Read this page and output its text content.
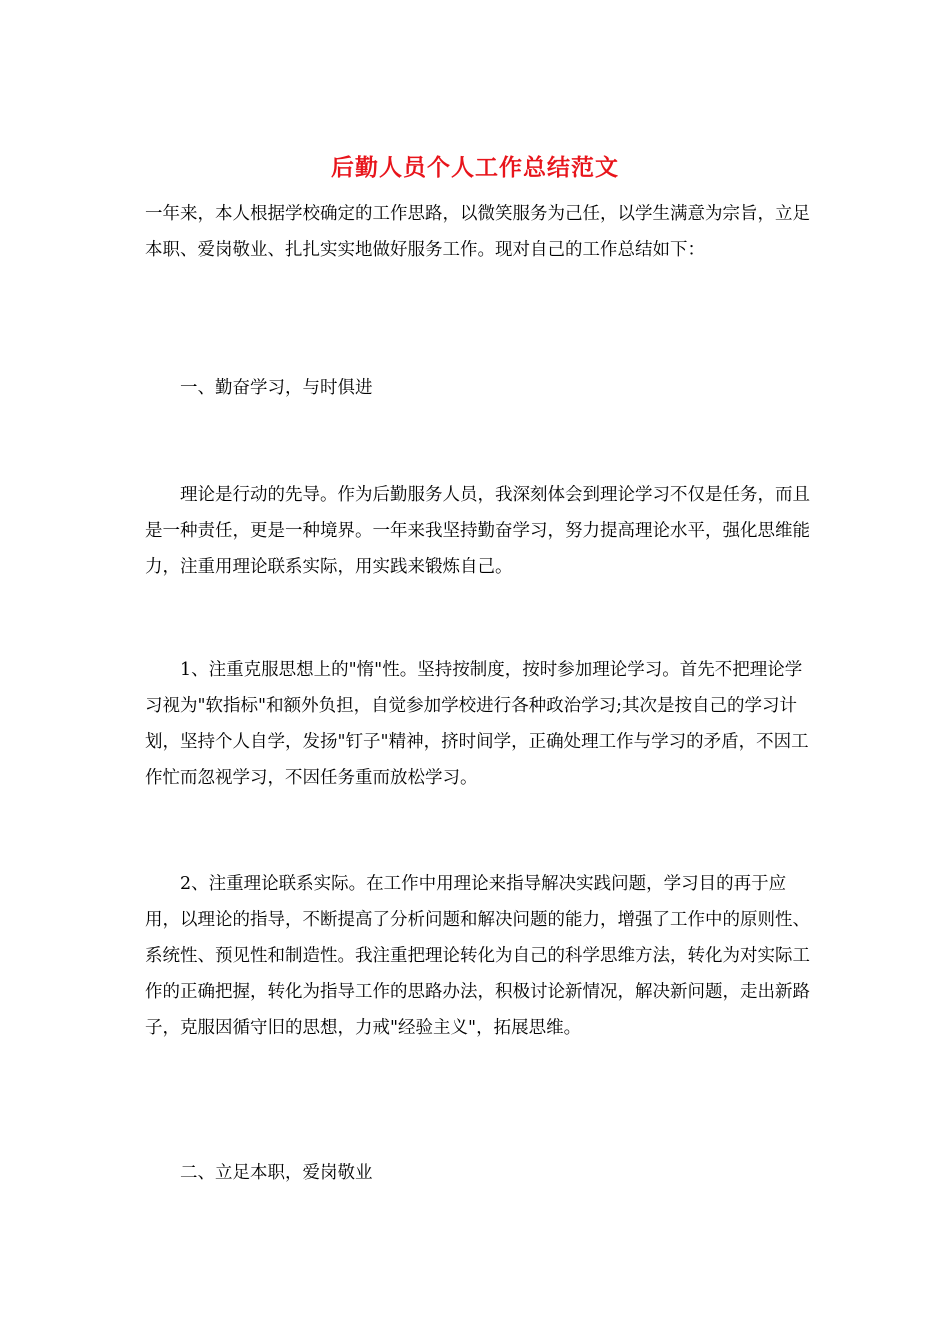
后勤人员个人工作总结范文

一年来，本人根据学校确定的工作思路，以微笑服务为己任，以学生满意为宗旨，立足本职、爱岗敬业、扎扎实实地做好服务工作。现对自己的工作总结如下：

一、勤奋学习，与时俱进

理论是行动的先导。作为后勤服务人员，我深刻体会到理论学习不仅是任务，而且是一种责任，更是一种境界。一年来我坚持勤奋学习，努力提高理论水平，强化思维能力，注重用理论联系实际，用实践来锻炼自己。

1、注重克服思想上的"惰"性。坚持按制度，按时参加理论学习。首先不把理论学习视为"软指标"和额外负担，自觉参加学校进行各种政治学习;其次是按自己的学习计划，坚持个人自学，发扬"钉子"精神，挤时间学，正确处理工作与学习的矛盾，不因工作忙而忽视学习，不因任务重而放松学习。

2、注重理论联系实际。在工作中用理论来指导解决实践问题，学习目的再于应用，以理论的指导，不断提高了分析问题和解决问题的能力，增强了工作中的原则性、系统性、预见性和制造性。我注重把理论转化为自己的科学思维方法，转化为对实际工作的正确把握，转化为指导工作的思路办法，积极讨论新情况，解决新问题，走出新路子，克服因循守旧的思想，力戒"经验主义"，拓展思维。

二、立足本职，爱岗敬业
